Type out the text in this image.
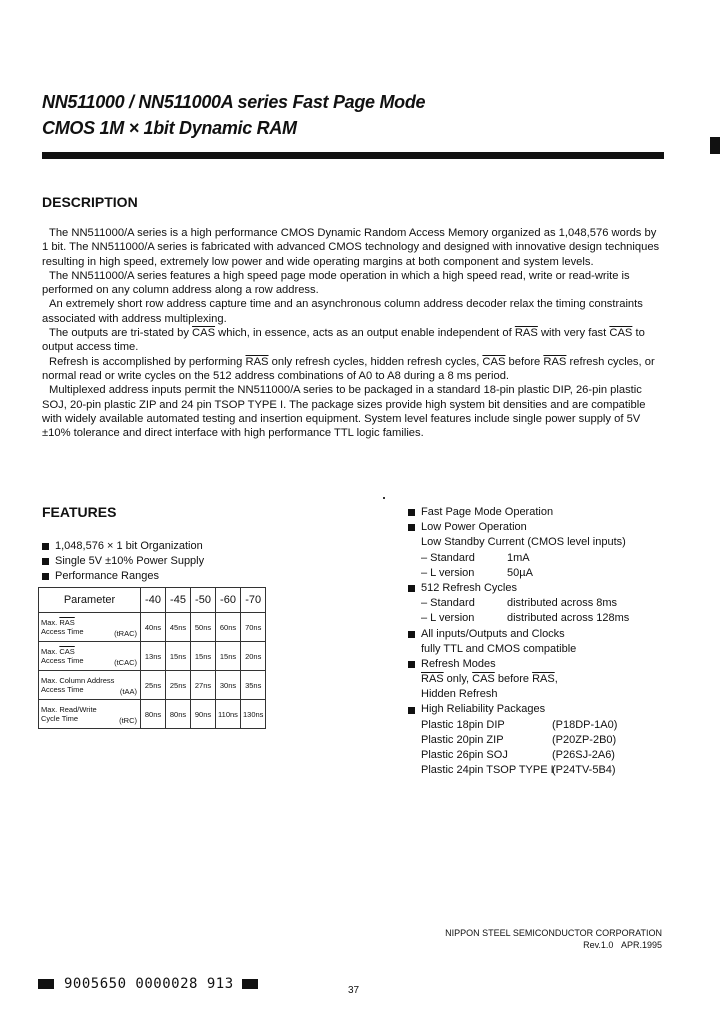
NN511000 / NN511000A series Fast Page Mode
CMOS 1M × 1bit Dynamic RAM
DESCRIPTION

The NN511000/A series is a high performance CMOS Dynamic Random Access Memory organized as 1,048,576 words by 1 bit. The NN511000/A series is fabricated with advanced CMOS technology and designed with innovative design techniques resulting in high speed, extremely low power and wide operating margins at both component and system levels.

The NN511000/A series features a high speed page mode operation in which a high speed read, write or read-write is performed on any column address along a row address.

An extremely short row address capture time and an asynchronous column address decoder relax the timing constraints associated with address multiplexing.

The outputs are tri-stated by $\overline{CAS}$ which, in essence, acts as an output enable independent of $\overline{RAS}$ with very fast $\overline{CAS}$ to output access time.

Refresh is accomplished by performing $\overline{RAS}$ only refresh cycles, hidden refresh cycles, $\overline{CAS}$ before $\overline{RAS}$ refresh cycles, or normal read or write cycles on the 512 address combinations of A0 to A8 during a 8 ms period.

Multiplexed address inputs permit the NN511000/A series to be packaged in a standard 18-pin plastic DIP, 26-pin plastic SOJ, 20-pin plastic ZIP and 24 pin TSOP TYPE I. The package sizes provide high system bit densities and are compatible with widely available automated testing and insertion equipment. System level features include single power supply of 5V ±10% tolerance and direct interface with high performance TTL logic families.

FEATURES
1,048,576 × 1 bit Organization
Single 5V ±10% Power Supply
Performance Ranges
Parameter	-40	-45	-50	-60	-70
Max. $\overline{RAS}$
Access Time (tRAC)	40ns	45ns	50ns	60ns	70ns
Max. $\overline{CAS}$
Access Time (tCAC)	13ns	15ns	15ns	15ns	20ns
Max. Column Address
Access Time (tAA)	25ns	25ns	27ns	30ns	35ns
Max. Read/Write
Cycle Time (tRC)	80ns	80ns	90ns	110ns	130ns
Fast Page Mode Operation
Low Power Operation
Low Standby Current (CMOS level inputs)
– Standard	1mA
– L version	50µA
512 Refresh Cycles
– Standard	distributed across 8ms
– L version	distributed across 128ms
All inputs/Outputs and Clocks
fully TTL and CMOS compatible
Refresh Modes
$\overline{RAS}$ only, $\overline{CAS}$ before $\overline{RAS}$,
Hidden Refresh
High Reliability Packages
Plastic 18pin DIP	(P18DP-1A0)
Plastic 20pin ZIP	(P20ZP-2B0)
Plastic 26pin SOJ	(P26SJ-2A6)
Plastic 24pin TSOP TYPE I
(P24TV-5B4)
NIPPON STEEL SEMICONDUCTOR CORPORATION
Rev.1.0 APR.1995
9005650 0000028 913	37
